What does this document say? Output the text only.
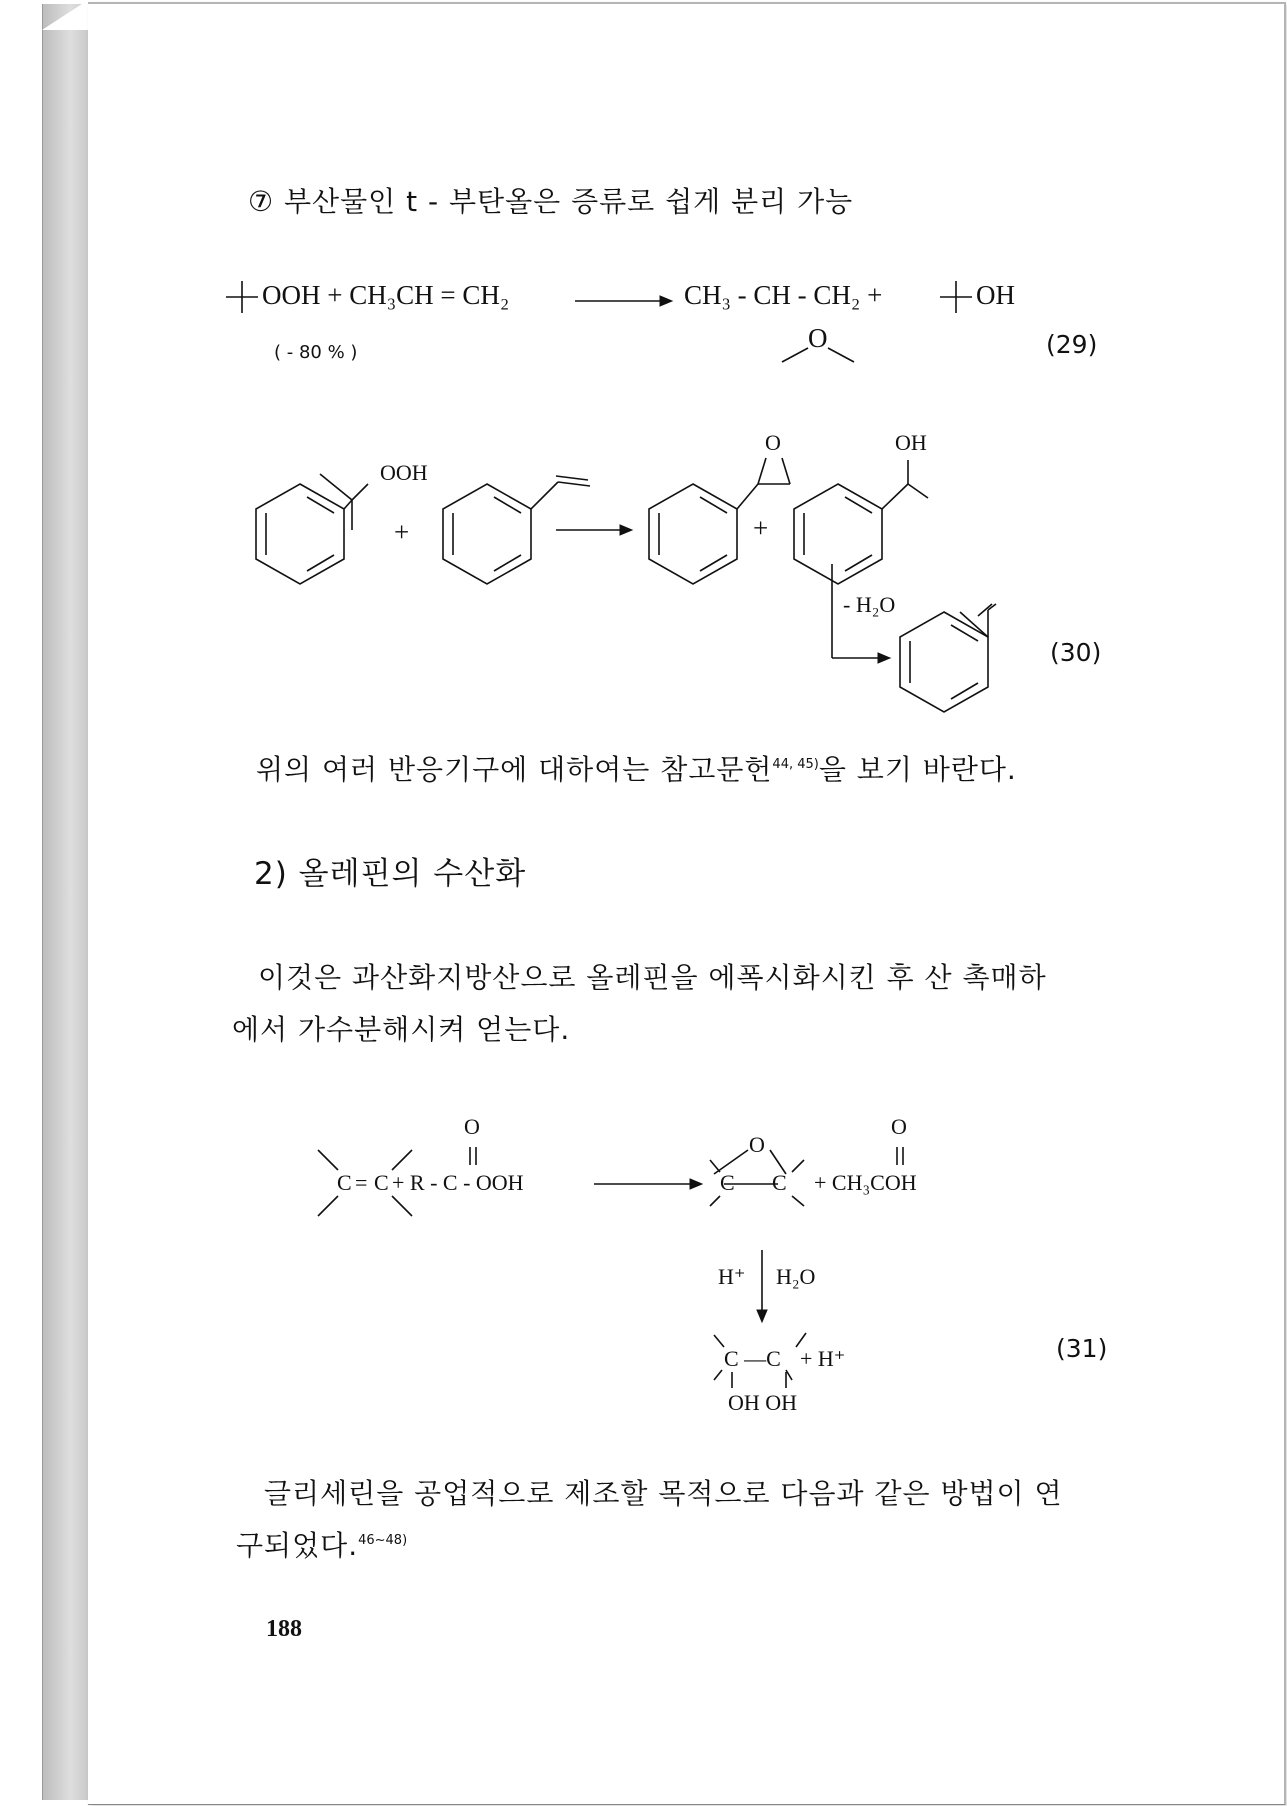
⑦ 부산물인 t - 부탄올은 증류로 쉽게 분리 가능
OOH + CH₃CH = CH₂	CH₃ - CH - CH₂ +	OH
O
( - 80 % )	(29)
OOH
+	+
O	OH
- H₂O
(30)
위의 여러 반응기구에 대하여는 참고문헌$^{44, 45)}$을 보기 바란다.
2) 올레핀의 수산화
이것은 과산화지방산으로 올레핀을 에폭시화시킨 후 산 촉매하
에서 가수분해시켜 얻는다.
O
C = C + R - C - OOH
O
C C
O
+ CH₃COH
H⁺ H₂O
C —C + H⁺
OH OH
(31)
글리세린을 공업적으로 제조할 목적으로 다음과 같은 방법이 연
구되었다.$^{46\sim 48)}$
188
